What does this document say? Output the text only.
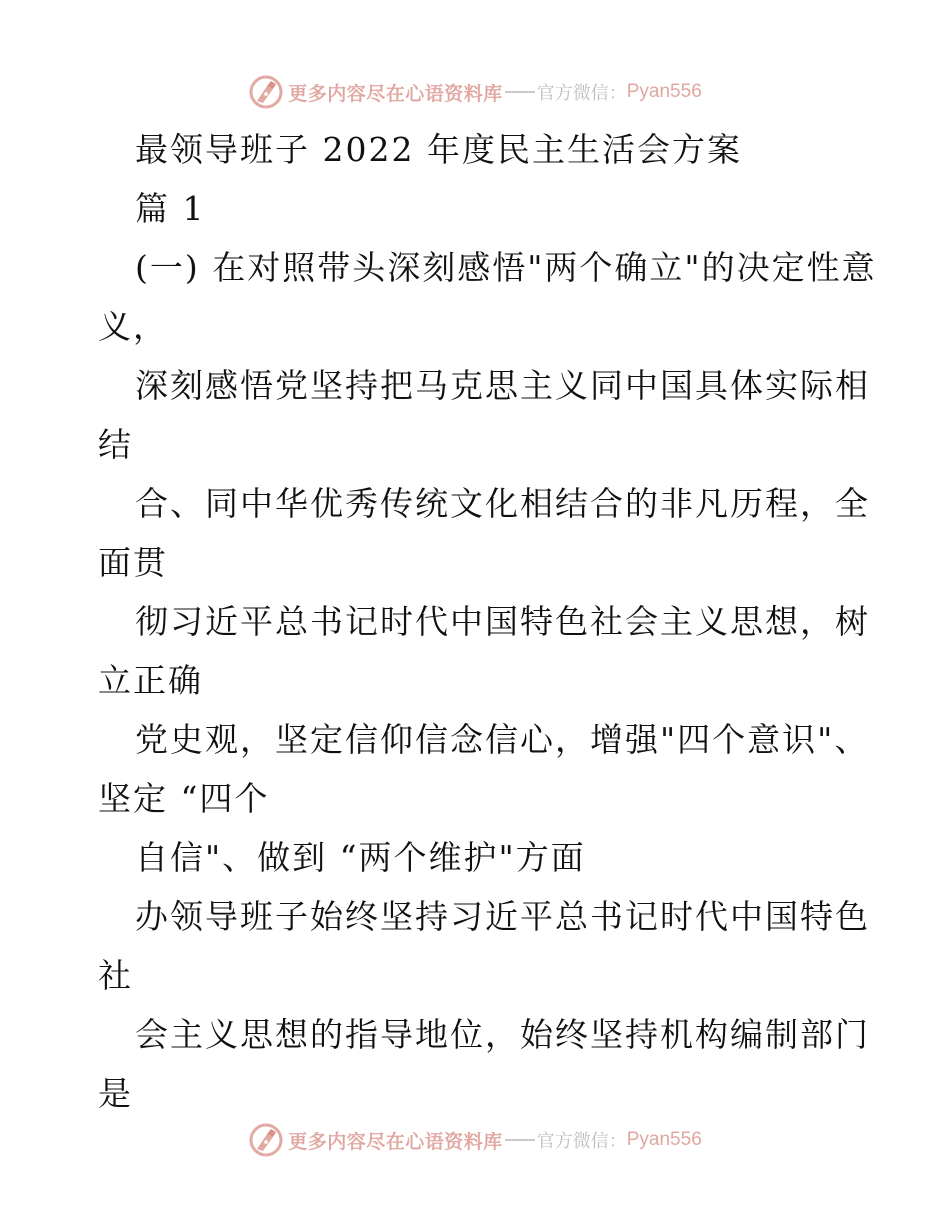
更多内容尽在心语资料库 官方微信： Pyan556
最领导班子 2022 年度民主生活会方案
篇 1
(一) 在对照带头深刻感悟"两个确立"的决定性意
义，
深刻感悟党坚持把马克思主义同中国具体实际相
结
合、同中华优秀传统文化相结合的非凡历程，全
面贯
彻习近平总书记时代中国特色社会主义思想，树
立正确
党史观，坚定信仰信念信心，增强"四个意识"、
坚定 “四个
自信"、做到 “两个维护"方面
办领导班子始终坚持习近平总书记时代中国特色
社
会主义思想的指导地位，始终坚持机构编制部门
是
更多内容尽在心语资料库 官方微信： Pyan556
